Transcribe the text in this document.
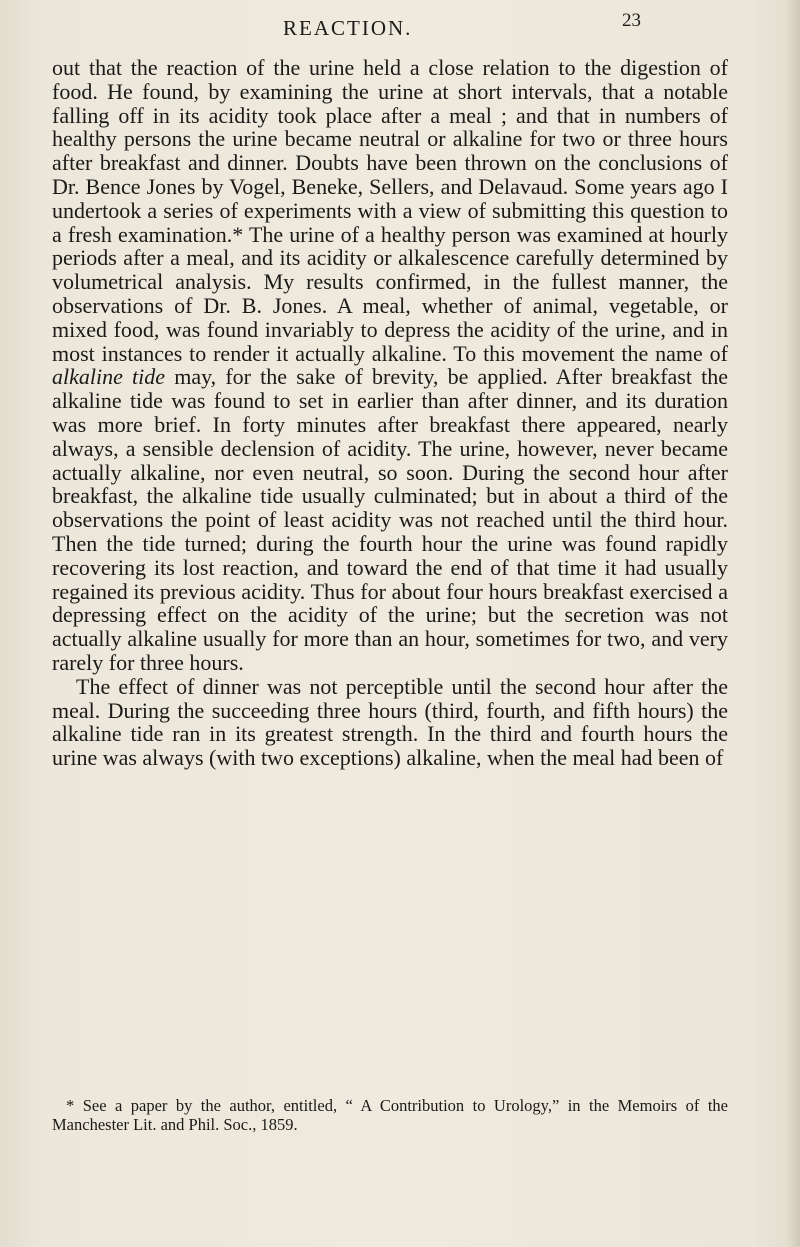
REACTION.	23

out that the reaction of the urine held a close relation to the digestion of food. He found, by examining the urine at short intervals, that a notable falling off in its acidity took place after a meal ; and that in numbers of healthy persons the urine became neutral or alkaline for two or three hours after breakfast and dinner. Doubts have been thrown on the conclusions of Dr. Bence Jones by Vogel, Beneke, Sellers, and Delavaud. Some years ago I undertook a series of experiments with a view of submitting this question to a fresh examination.* The urine of a healthy person was examined at hourly periods after a meal, and its acidity or alkalescence carefully determined by volumetrical analysis. My results confirmed, in the fullest manner, the observations of Dr. B. Jones. A meal, whether of animal, vegetable, or mixed food, was found invariably to depress the acidity of the urine, and in most instances to render it actually alkaline. To this movement the name of alkaline tide may, for the sake of brevity, be applied. After breakfast the alkaline tide was found to set in earlier than after dinner, and its duration was more brief. In forty minutes after breakfast there appeared, nearly always, a sensible declension of acidity. The urine, however, never became actually alkaline, nor even neutral, so soon. During the second hour after breakfast, the alkaline tide usually culminated; but in about a third of the observations the point of least acidity was not reached until the third hour. Then the tide turned; during the fourth hour the urine was found rapidly recovering its lost reaction, and toward the end of that time it had usually regained its previous acidity. Thus for about four hours breakfast exercised a depressing effect on the acidity of the urine; but the secretion was not actually alkaline usually for more than an hour, sometimes for two, and very rarely for three hours.

The effect of dinner was not perceptible until the second hour after the meal. During the succeeding three hours (third, fourth, and fifth hours) the alkaline tide ran in its greatest strength. In the third and fourth hours the urine was always (with two exceptions) alkaline, when the meal had been of

* See a paper by the author, entitled, “ A Contribution to Urology,” in the Memoirs of the Manchester Lit. and Phil. Soc., 1859.
